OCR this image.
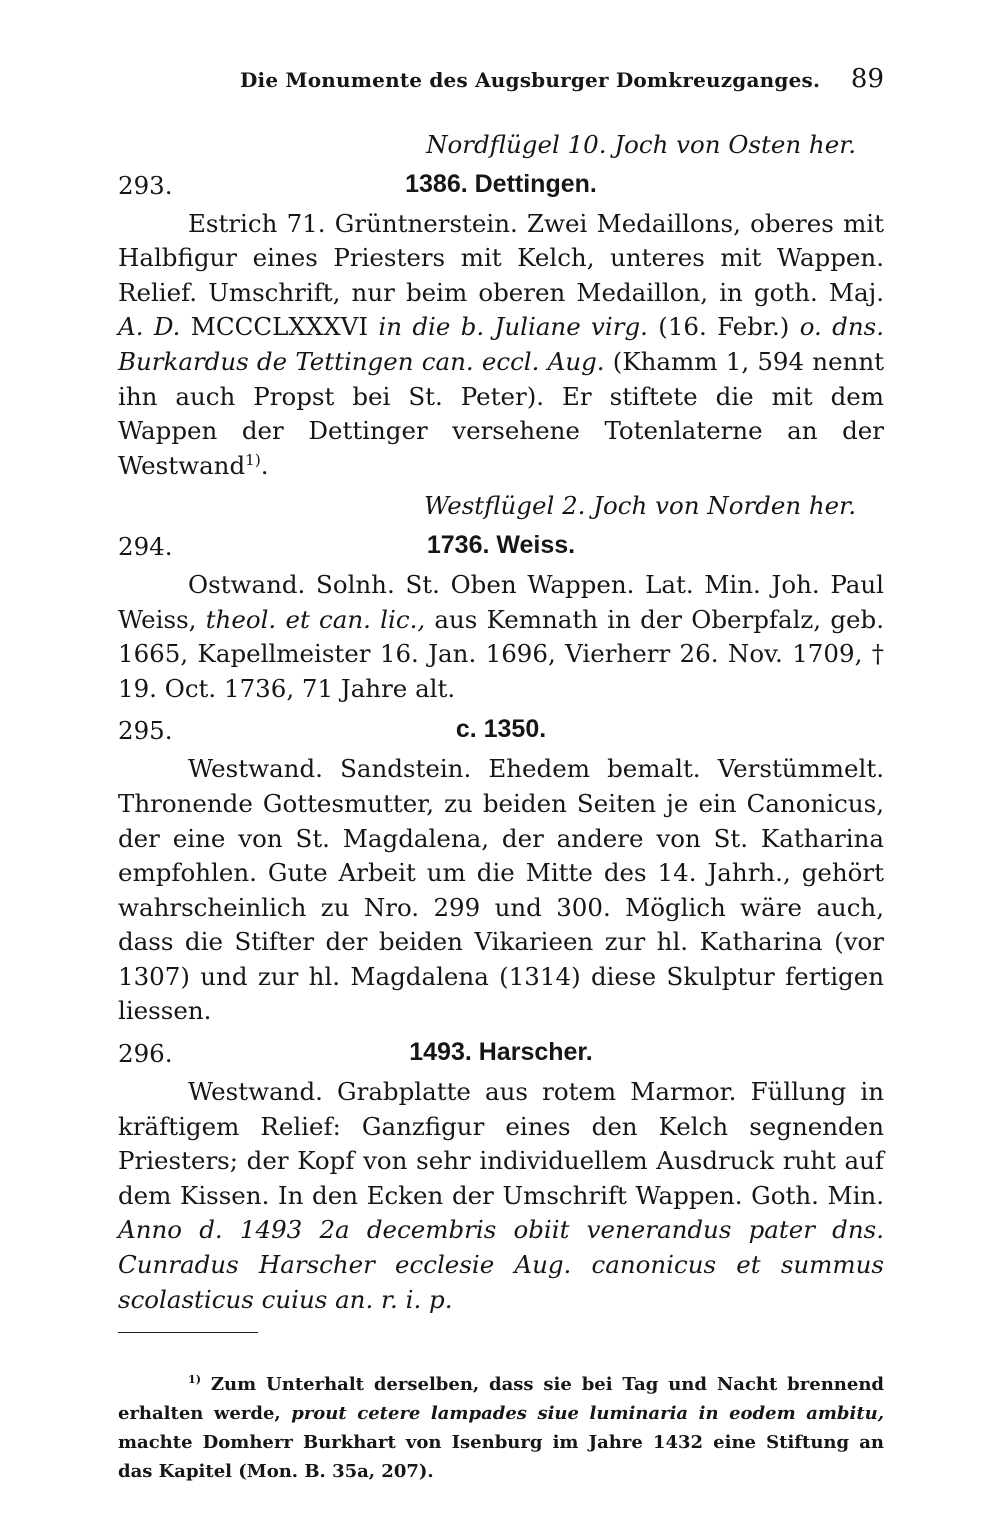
Die Monumente des Augsburger Domkreuzganges. 89
Nordflügel 10. Joch von Osten her.
293.	1386. Dettingen.

Estrich 71. Grüntnerstein. Zwei Medaillons, oberes mit Halbfigur eines Priesters mit Kelch, unteres mit Wappen. Relief. Umschrift, nur beim oberen Medaillon, in goth. Maj. A. D. MCCCLXXXVI in die b. Juliane virg. (16. Febr.) o. dns. Burkardus de Tettingen can. eccl. Aug. (Khamm 1, 594 nennt ihn auch Propst bei St. Peter). Er stiftete die mit dem Wappen der Dettinger versehene Totenlaterne an der Westwand$^{1)}$.

Westflügel 2. Joch von Norden her.
294.	1736. Weiss.

Ostwand. Solnh. St. Oben Wappen. Lat. Min. Joh. Paul Weiss, theol. et can. lic., aus Kemnath in der Oberpfalz, geb. 1665, Kapellmeister 16. Jan. 1696, Vierherr 26. Nov. 1709, † 19. Oct. 1736, 71 Jahre alt.

295.	c. 1350.

Westwand. Sandstein. Ehedem bemalt. Verstümmelt. Thronende Gottesmutter, zu beiden Seiten je ein Canonicus, der eine von St. Magdalena, der andere von St. Katharina empfohlen. Gute Arbeit um die Mitte des 14. Jahrh., gehört wahrscheinlich zu Nro. 299 und 300. Möglich wäre auch, dass die Stifter der beiden Vikarieen zur hl. Katharina (vor 1307) und zur hl. Magdalena (1314) diese Skulptur fertigen liessen.

296.	1493. Harscher.

Westwand. Grabplatte aus rotem Marmor. Füllung in kräftigem Relief: Ganzfigur eines den Kelch segnenden Priesters; der Kopf von sehr individuellem Ausdruck ruht auf dem Kissen. In den Ecken der Umschrift Wappen. Goth. Min. Anno d. 1493 2a decembris obiit venerandus pater dns. Cunradus Harscher ecclesie Aug. canonicus et summus scolasticus cuius an. r. i. p.

$^{1)}$ Zum Unterhalt derselben, dass sie bei Tag und Nacht brennend erhalten werde, prout cetere lampades siue luminaria in eodem ambitu, machte Domherr Burkhart von Isenburg im Jahre 1432 eine Stiftung an das Kapitel (Mon. B. 35a, 207).
